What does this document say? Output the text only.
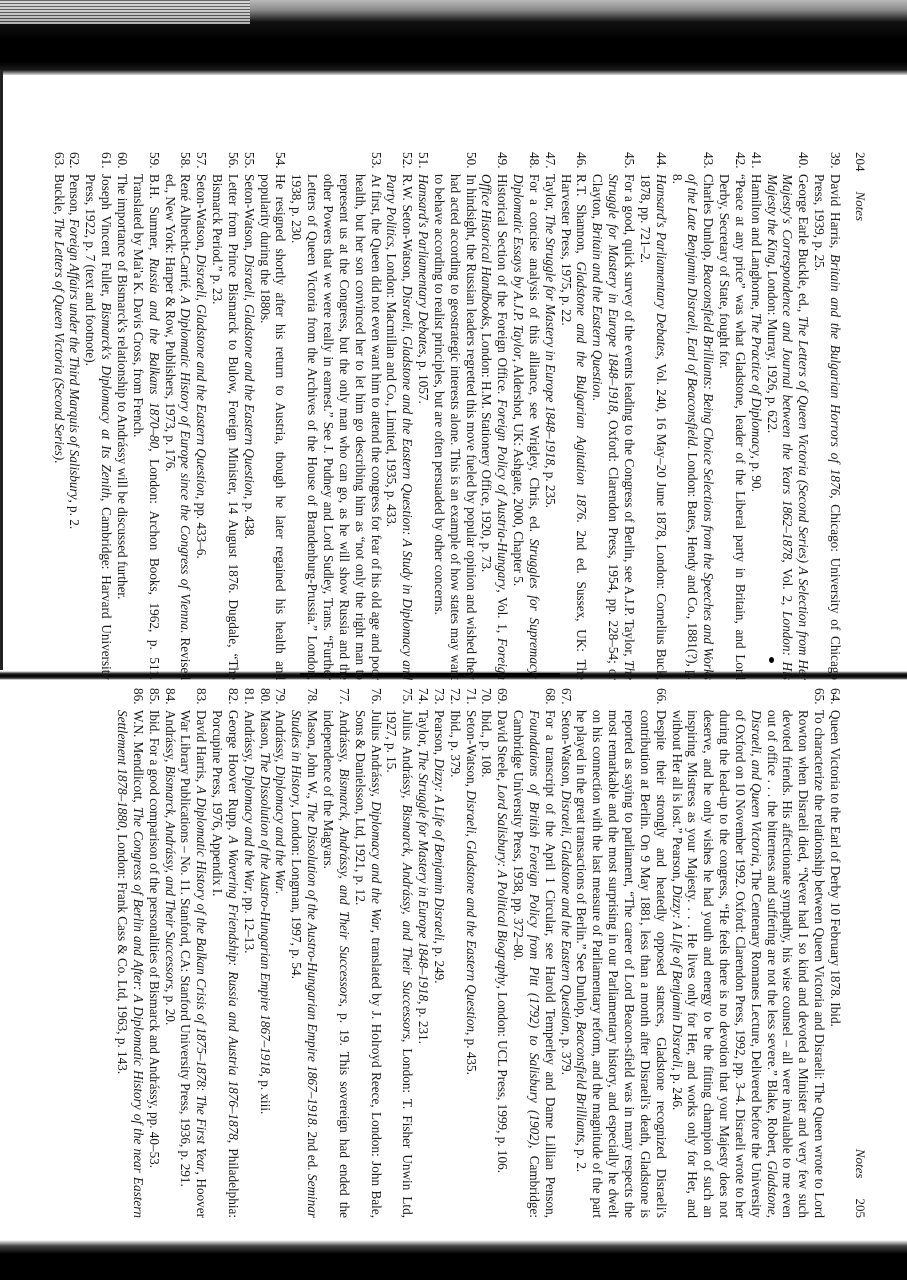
204
Notes
39.
David Harris, Britain and the Bulgarian Horrors of 1876, Chicago: University of Chicago Press, 1939, p. 25.
40.
George Earle Buckle, ed., The Letters of Queen Victoria (Second Series) A Selection from Her Majesty's Correspondence and Journal between the Years 1862–1878, Vol. 2, London: His Majesty the King, London: Murray, 1926, p. 622.
41.
Hamilton and Langhorne, The Practice of Diplomacy, p. 90.
42.
“Peace at any price” was what Gladstone, leader of the Liberal party in Britain, and Lord Derby, Secretary of State, fought for.
43.
Charles Dunlop, Beaconsfield Brilliants: Being Choice Selections from the Speeches and Works of the Late Benjamin Disraeli, Earl of Beaconsfield. London: Bates, Hendy and Co., 1881(?), p. 8.
44.
Hansard's Parliamentary Debates, Vol. 240, 16 May–20 June 1878, London: Cornelius Buck, 1878, pp. 721–2.
45.
For a good, quick survey of the events leading to the Congress of Berlin, see A.J.P. Taylor, The Struggle for Mastery in Europe 1848–1918, Oxford: Clarendon Press, 1954, pp. 228–54; or Clayton, Britain and the Eastern Question.
46.
R.T. Shannon, Gladstone and the Bulgarian Agitation 1876. 2nd ed. Sussex, UK: The Harvester Press, 1975, p. 22.
47.
Taylor, The Struggle for Mastery in Europe 1848–1918, p. 235.
48.
For a concise analysis of this alliance, see Wrigley, Chris, ed. Struggles for Supremacy: Diplomatic Essays by A.J.P. Taylor, Aldershot, UK: Ashgate, 2000, Chapter 5.
49.
Historical Section of the Foreign Office. Foreign Policy of Austria-Hungary, Vol. 1, Foreign Office Historical Handbooks, London: H.M. Stationery Office, 1920, p. 73.
50.
In hindsight, the Russian leaders regretted this move fueled by popular opinion and wished they had acted according to geostrategic interests alone. This is an example of how states may want to behave according to realist principles, but are often persuaded by other concerns.
51.
Hansard's Parliamentary Debates, p. 1057.
52.
R.W. Seton-Watson, Disraeli, Gladstone and the Eastern Question: A Study in Diplomacy and Party Politics, London: Macmillan and Co., Limited, 1935, p. 433.
53.
At first, the Queen did not even want him to attend the congress for fear of his old age and poor health, but her son convinced her to let him go describing him as “not only the right man to represent us at the Congress, but the only man who can go, as he will show Russia and the other Powers that we were really in earnest.” See J. Pudney and Lord Sudley, Trans. “Further Letters of Queen Victoria from the Archives of the House of Brandenburg-Prussia.” London, 1938, p. 230.
54.
He resigned shortly after his return to Austria, though he later regained his health and popularity during the 1880s.
55.
Seton-Watson, Disraeli, Gladstone and the Eastern Question, p. 438.
56.
Letter from Prince Bismarck to Bulow, Foreign Minister, 14 August 1876. Dugdale, “The Bismarck Period.” p. 23.
57.
Seton-Watson, Disraeli, Gladstone and the Eastern Question, pp. 433–6.
58.
René Albrecht-Carrié, A Diplomatic History of Europe since the Congress of Vienna. Revised ed., New York: Harper & Row, Publishers, 1973, p. 176.
59.
B.H. Sumner, Russia and the Balkans 1870–80, London: Archon Books, 1962, p. 511. Translated by Mai'a K. Davis Cross, from French.
60.
The importance of Bismarck's relationship to Andrássy will be discussed further.
61.
Joseph Vincent Fuller, Bismarck's Diplomacy at Its Zenith, Cambridge: Harvard University Press, 1922, p. 7 (text and footnote).
62.
Penson, Foreign Affairs under the Third Marquis of Salisbury, p. 2.
63.
Buckle, The Letters of Queen Victoria (Second Series).
Notes
205
64.
Queen Victoria to the Earl of Derby 10 February 1878. Ibid.
65.
To characterize the relationship between Queen Victoria and Disraeli: The Queen wrote to Lord Rowton when Disraeli died, “Never had I so kind and devoted a Minister and very few such devoted friends. His affectionate sympathy, his wise counsel – all were invaluable to me even out of office . . . the bitterness and suffering are not the less severe.” Blake, Robert, Gladstone, Disraeli, and Queen Victoria, The Centenary Romanes Lecture, Delivered before the University of Oxford on 10 November 1992. Oxford: Clarendon Press, 1992, pp. 3–4. Disraeli wrote to her during the lead-up to the congress, “He feels there is no devotion that your Majesty does not deserve, and he only wishes he had youth and energy to be the fitting champion of such an inspiring Mistress as your Majesty. . . . He lives only for Her, and works only for Her, and without Her all is lost.” Pearson, Dizzy: A Life of Benjamin Disraeli, p. 246.
66.
Despite their strongly and heatedly opposed stances, Gladstone recognized Disraeli's contribution at Berlin. On 9 May 1881, less than a month after Disraeli's death, Gladstone is reported as saying to parliament, “The career of Lord Beacon-sfield was in many respects the most remarkable and the most surprising in our Parliamentary history, and especially he dwelt on his connection with the last measure of Parliamentary reform, and the magnitude of the part he played in the great transactions of Berlin.” See Dunlop, Beaconsfield Brilliants, p. 2.
67.
Seton-Watson, Disraeli, Gladstone and the Eastern Question, p. 379.
68.
For a transcript of the April 1 Circular, see Harold Temperley and Dame Lillian Penson, Foundations of British Foreign Policy from Pitt (1792) to Salisbury (1902), Cambridge: Cambridge University Press, 1938, pp. 372–80.
69.
David Steele, Lord Salisbury: A Political Biography, London: UCL Press, 1999, p. 106.
70.
Ibid., p. 108.
71.
Seton-Watson, Disraeli, Gladstone and the Eastern Question, p. 435.
72.
Ibid., p. 379.
73.
Pearson, Dizzy: A Life of Benjamin Disraeli, p. 249.
74.
Taylor, The Struggle for Mastery in Europe 1848–1918, p. 231.
75.
Julius Andrássy, Bismarck, Andrássy, and Their Successors, London: T. Fisher Unwin Ltd, 1927, p. 15.
76.
Julius Andrássy, Diplomacy and the War, translated by J. Holroyd Reece, London: John Bale, Sons & Danielsson, Ltd, 1921, p. 12.
77.
Andrássy, Bismarck, Andrássy, and Their Successors, p. 19. This sovereign had ended the independence of the Magyars.
78.
Mason, John W., The Dissolution of the Austro-Hungarian Empire 1867–1918. 2nd ed. Seminar Studies in History, London: Longman, 1997, p. 54.
79.
Andrássy, Diplomacy and the War.
80.
Mason, The Dissolution of the Austro-Hungarian Empire 1867–1918, p. xiii.
81.
Andrássy, Diplomacy and the War, pp. 12–13.
82.
George Hoover Rupp, A Wavering Friendship: Russia and Austria 1876–1878, Philadelphia: Porcupine Press, 1976, Appendix I.
83.
David Harris, A Diplomatic History of the Balkan Crisis of 1875–1878: The First Year, Hoover War Library Publications – No. 11. Stanford, CA: Stanford University Press, 1936, p. 291.
84.
Andrássy, Bismarck, Andrássy, and Their Successors, p. 20.
85.
Ibid. For a good comparison of the personalities of Bismarck and Andrássy, pp. 40–53.
86.
W.N. Mendlicott, The Congress of Berlin and After: A Diplomatic History of the near Eastern Settlement 1878–1880, London: Frank Cass & Co. Ltd, 1963, p. 143.
